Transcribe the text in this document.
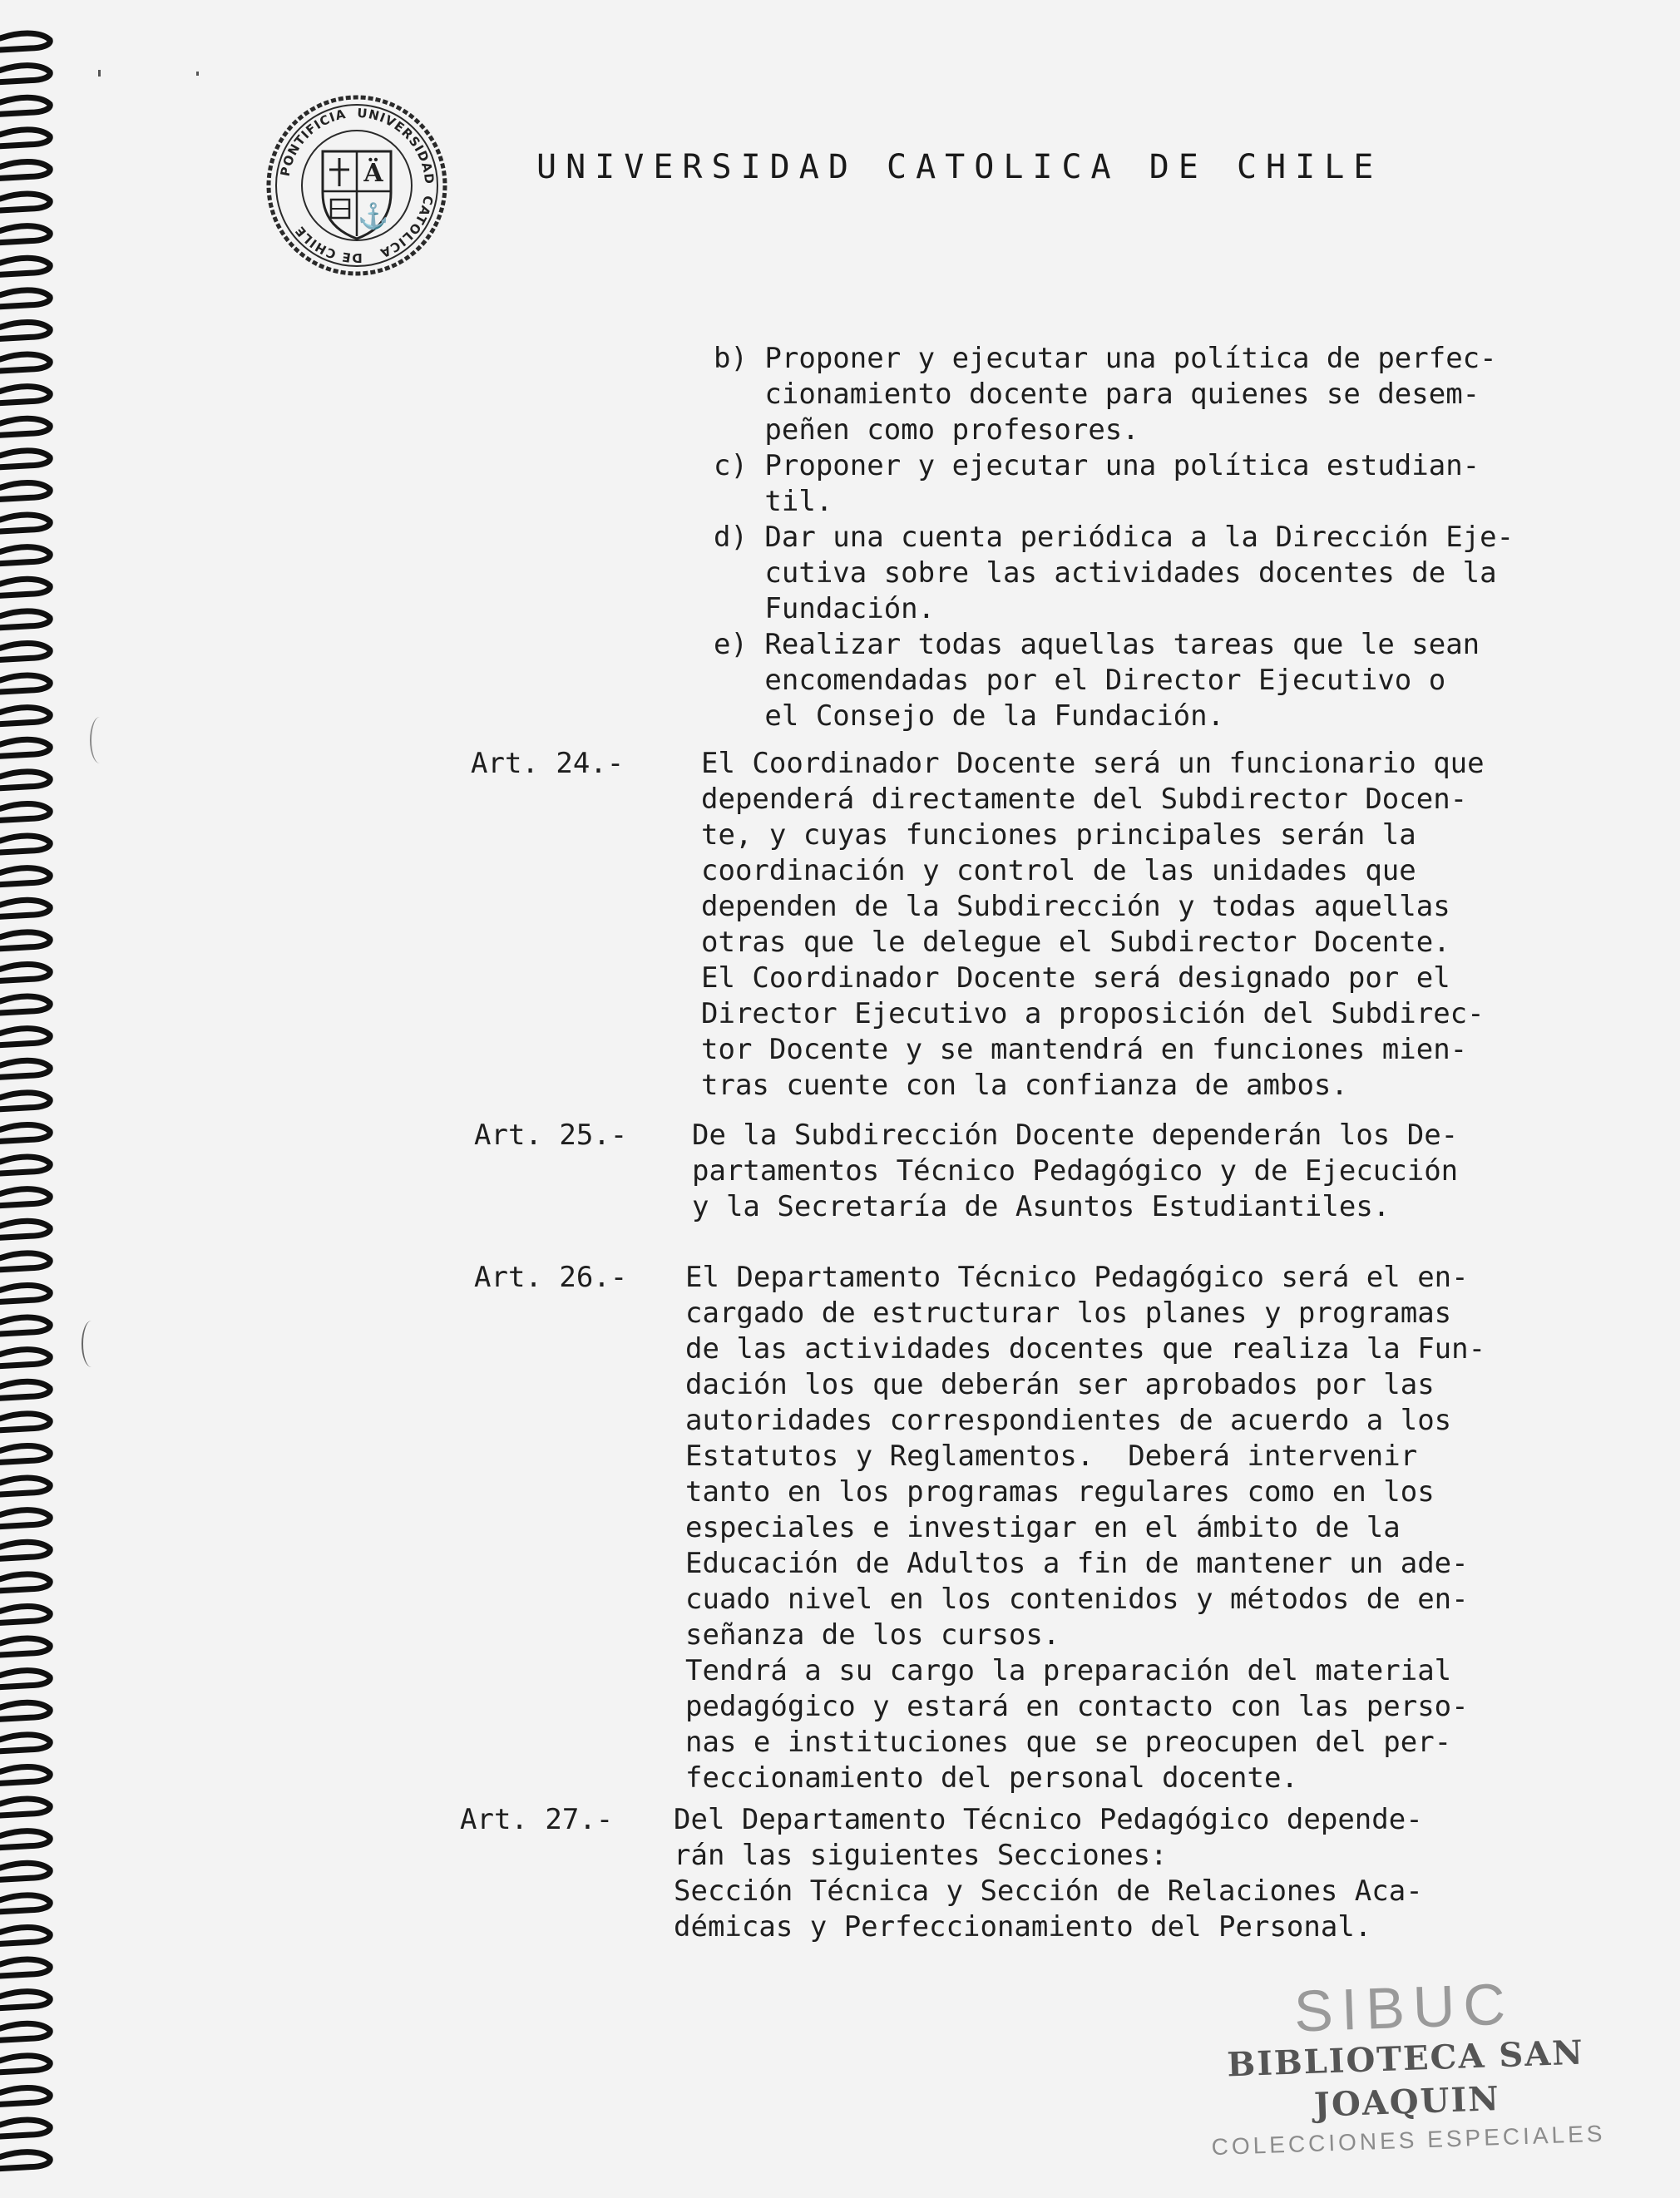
PONTIFICIA UNIVERSIDAD CATOLICA DE CHILE
Ä
⚓
UNIVERSIDAD CATOLICA DE CHILE
b) Proponer y ejecutar una política de perfec-
cionamiento docente para quienes se desem-
peñen como profesores.
c) Proponer y ejecutar una política estudian-
til.
d) Dar una cuenta periódica a la Dirección Eje-
cutiva sobre las actividades docentes de la
Fundación.
e) Realizar todas aquellas tareas que le sean
encomendadas por el Director Ejecutivo o
el Consejo de la Fundación.
Art. 24.-	El Coordinador Docente será un funcionario que
dependerá directamente del Subdirector Docen-
te, y cuyas funciones principales serán la
coordinación y control de las unidades que
dependen de la Subdirección y todas aquellas
otras que le delegue el Subdirector Docente.
El Coordinador Docente será designado por el
Director Ejecutivo a proposición del Subdirec-
tor Docente y se mantendrá en funciones mien-
tras cuente con la confianza de ambos.
Art. 25.- De la Subdirección Docente dependerán los De-
partamentos Técnico Pedagógico y de Ejecución
y la Secretaría de Asuntos Estudiantiles.
Art. 26.- El Departamento Técnico Pedagógico será el en-
cargado de estructurar los planes y programas
de las actividades docentes que realiza la Fun-
dación los que deberán ser aprobados por las
autoridades correspondientes de acuerdo a los
Estatutos y Reglamentos.  Deberá intervenir
tanto en los programas regulares como en los
especiales e investigar en el ámbito de la
Educación de Adultos a fin de mantener un ade-
cuado nivel en los contenidos y métodos de en-
señanza de los cursos.
Tendrá a su cargo la preparación del material
pedagógico y estará en contacto con las perso-
nas e instituciones que se preocupen del per-
feccionamiento del personal docente.
Art. 27.- Del Departamento Técnico Pedagógico depende-
rán las siguientes Secciones:
Sección Técnica y Sección de Relaciones Aca-
démicas y Perfeccionamiento del Personal.
SIBUC
BIBLIOTECA SAN JOAQUIN
COLECCIONES ESPECIALES
